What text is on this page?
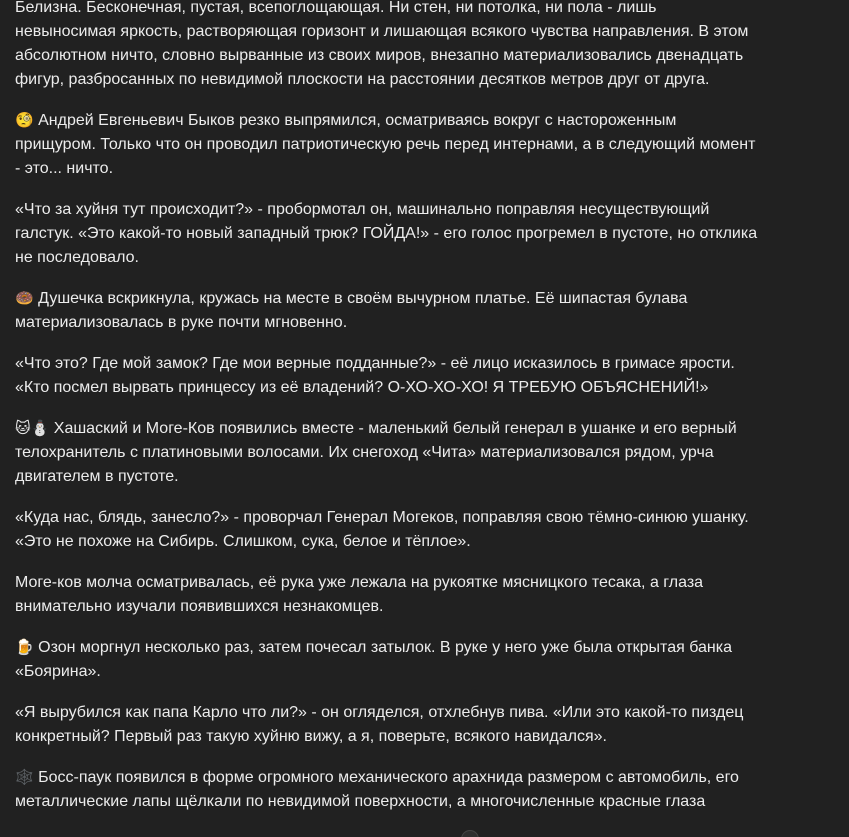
Белизна. Бесконечная, пустая, всепоглощающая. Ни стен, ни потолка, ни пола - лишь невыносимая яркость, растворяющая горизонт и лишающая всякого чувства направления. В этом абсолютном ничто, словно вырванные из своих миров, внезапно материализовались двенадцать фигур, разбросанных по невидимой плоскости на расстоянии десятков метров друг от друга.

🧐 Андрей Евгеньевич Быков резко выпрямился, осматриваясь вокруг с настороженным прищуром. Только что он проводил патриотическую речь перед интернами, а в следующий момент - это... ничто.

«Что за хуйня тут происходит?» - пробормотал он, машинально поправляя несуществующий галстук. «Это какой-то новый западный трюк? ГОЙДА!» - его голос прогремел в пустоте, но отклика не последовало.

🍩 Душечка вскрикнула, кружась на месте в своём вычурном платье. Её шипастая булава материализовалась в руке почти мгновенно.

«Что это? Где мой замок? Где мои верные подданные?» - её лицо исказилось в гримасе ярости. «Кто посмел вырвать принцессу из её владений? О-ХО-ХО-ХО! Я ТРЕБУЮ ОБЪЯСНЕНИЙ!»

🐱⛄ Хашаский и Моге-Ков появились вместе - маленький белый генерал в ушанке и его верный телохранитель с платиновыми волосами. Их снегоход «Чита» материализовался рядом, урча двигателем в пустоте.

«Куда нас, блядь, занесло?» - проворчал Генерал Могеков, поправляя свою тёмно-синюю ушанку. «Это не похоже на Сибирь. Слишком, сука, белое и тёплое».

Моге-ков молча осматривалась, её рука уже лежала на рукоятке мясницкого тесака, а глаза внимательно изучали появившихся незнакомцев.

🍺 Озон моргнул несколько раз, затем почесал затылок. В руке у него уже была открытая банка «Боярина».

«Я вырубился как папа Карло что ли?» - он огляделся, отхлебнув пива. «Или это какой-то пиздец конкретный? Первый раз такую хуйню вижу, а я, поверьте, всякого навидался».

🕸️ Босс-паук появился в форме огромного механического арахнида размером с автомобиль, его металлические лапы щёлкали по невидимой поверхности, а многочисленные красные глаза
